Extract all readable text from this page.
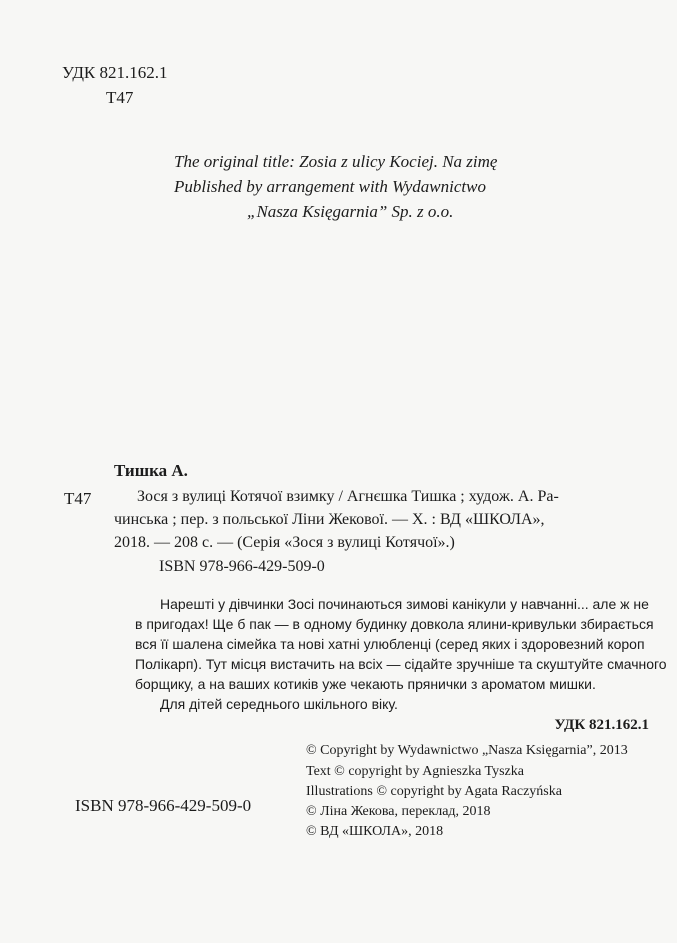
УДК 821.162.1
Т47
The original title: Zosia z ulicy Kociej. Na zimę
Published by arrangement with Wydawnictwo
„Nasza Księgarnia” Sp. z o.o.
Тишка А.
Т47	Зося з вулиці Котячої взимку / Агнєшка Тишка ; худож. А. Ра-
чинська ; пер. з польської Ліни Жекової. — Х. : ВД «ШКОЛА»,
2018. — 208 с. — (Серія «Зося з вулиці Котячої».)
ISBN 978-966-429-509-0
Нарешті у дівчинки Зосі починаються зимові канікули у навчанні... але ж не
в пригодах! Ще б пак — в одному будинку довкола ялини-кривульки збирається
вся її шалена сімейка та нові хатні улюбленці (серед яких і здоровезний короп
Полікарп). Тут місця вистачить на всіх — сідайте зручніше та скуштуйте смачного
борщику, а на ваших котиків уже чекають прянички з ароматом мишки.
Для дітей середнього шкільного віку.
УДК 821.162.1
ISBN 978-966-429-509-0
© Copyright by Wydawnictwo „Nasza Księgarnia”, 2013
Text © copyright by Agnieszka Tyszka
Illustrations © copyright by Agata Raczyńska
© Ліна Жекова, переклад, 2018
© ВД «ШКОЛА», 2018
